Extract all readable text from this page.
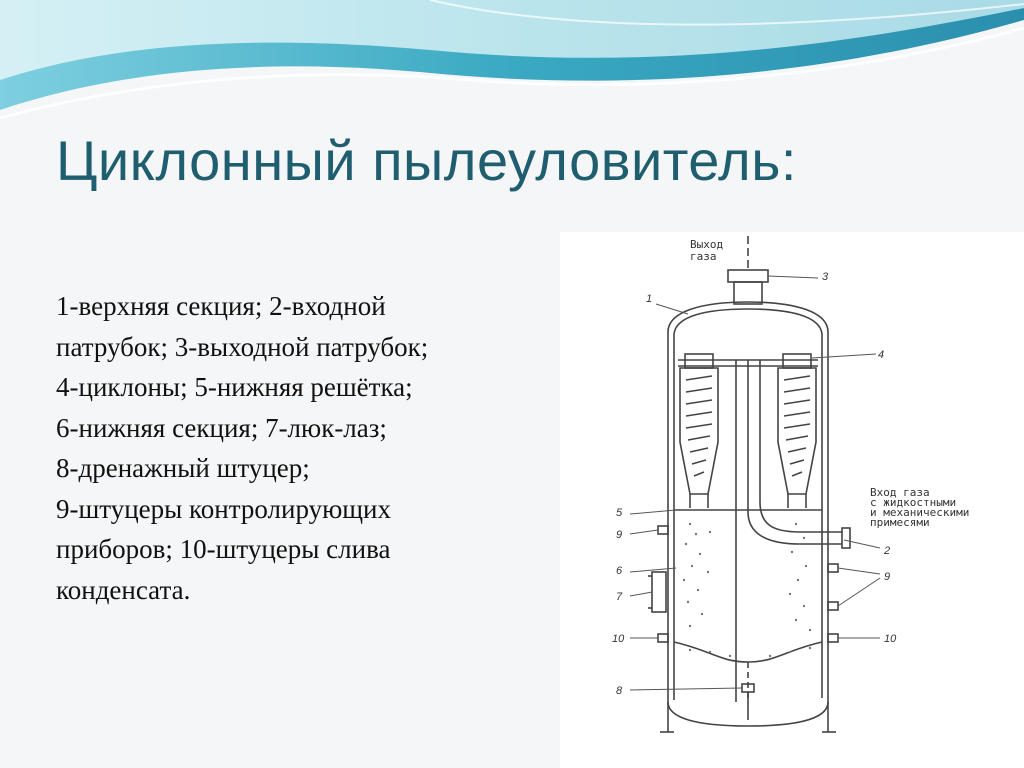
Циклонный пылеуловитель:
1-верхняя секция; 2-входной
патрубок; 3-выходной патрубок;
4-циклоны; 5-нижняя решётка;
6-нижняя секция; 7-люк-лаз;
8-дренажный штуцер;
9-штуцеры контролирующих
приборов; 10-штуцеры слива
конденсата.
Выход
газа
Вход газа
с жидкостными
и механическими
примесями
1
2
3
4
5
6
7
8
9
9
10	10
